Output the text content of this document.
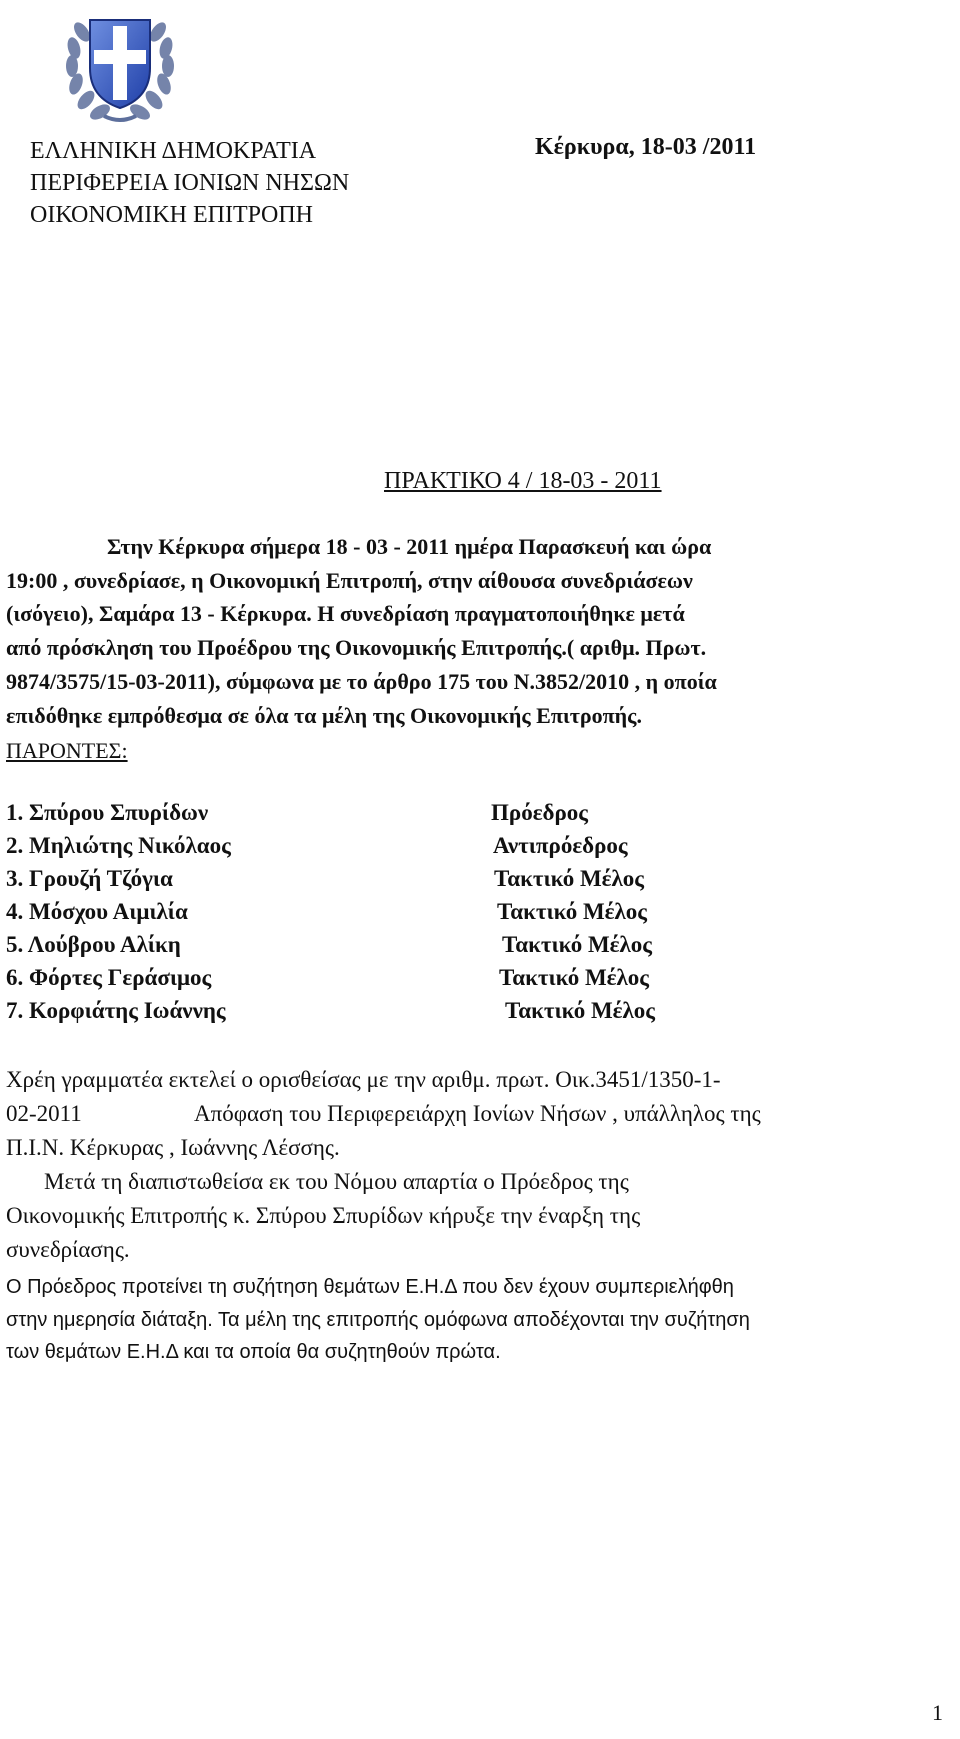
ΕΛΛΗΝΙΚΗ ΔΗΜΟΚΡΑΤΙΑ
ΠΕΡΙΦΕΡΕΙΑ ΙΟΝΙΩΝ ΝΗΣΩΝ
ΟΙΚΟΝΟΜΙΚΗ ΕΠΙΤΡΟΠΗ
Κέρκυρα, 18-03 /2011
ΠΡΑΚΤΙΚΟ 4 / 18-03 - 2011
Στην Κέρκυρα σήμερα 18 - 03 - 2011 ημέρα Παρασκευή και ώρα
19:00 , συνεδρίασε, η Οικονομική Επιτροπή, στην αίθουσα συνεδριάσεων
(ισόγειο), Σαμάρα 13 - Κέρκυρα. Η συνεδρίαση πραγματοποιήθηκε μετά
από πρόσκληση του Προέδρου της Οικονομικής Επιτροπής.( αριθμ. Πρωτ.
9874/3575/15-03-2011), σύμφωνα με το άρθρο 175 του Ν.3852/2010 , η οποία
επιδόθηκε εμπρόθεσμα σε όλα τα μέλη της Οικονομικής Επιτροπής.
ΠΑΡΟΝΤΕΣ:
1. Σπύρου Σπυρίδων	Πρόεδρος
2. Μηλιώτης Νικόλαος	Αντιπρόεδρος
3. Γρουζή Τζόγια	Τακτικό Μέλος
4. Μόσχου Αιμιλία	Τακτικό Μέλος
5. Λούβρου Αλίκη	Τακτικό Μέλος
6. Φόρτες Γεράσιμος	Τακτικό Μέλος
7. Κορφιάτης Ιωάννης	Τακτικό Μέλος
Χρέη γραμματέα εκτελεί ο ορισθείσας με την αριθμ. πρωτ. Οικ.3451/1350-1-
02-2011	Απόφαση του Περιφερειάρχη Ιονίων Νήσων , υπάλληλος της
Π.Ι.Ν. Κέρκυρας , Ιωάννης Λέσσης.
Μετά τη διαπιστωθείσα εκ του Νόμου απαρτία ο Πρόεδρος της
Οικονομικής Επιτροπής κ. Σπύρου Σπυρίδων κήρυξε την έναρξη της
συνεδρίασης.
Ο Πρόεδρος προτείνει τη συζήτηση θεμάτων Ε.Η.Δ που δεν έχουν συμπεριελήφθη
στην ημερησία διάταξη. Τα μέλη της επιτροπής ομόφωνα αποδέχονται την συζήτηση
των θεμάτων Ε.Η.Δ και τα οποία θα συζητηθούν πρώτα.
1
